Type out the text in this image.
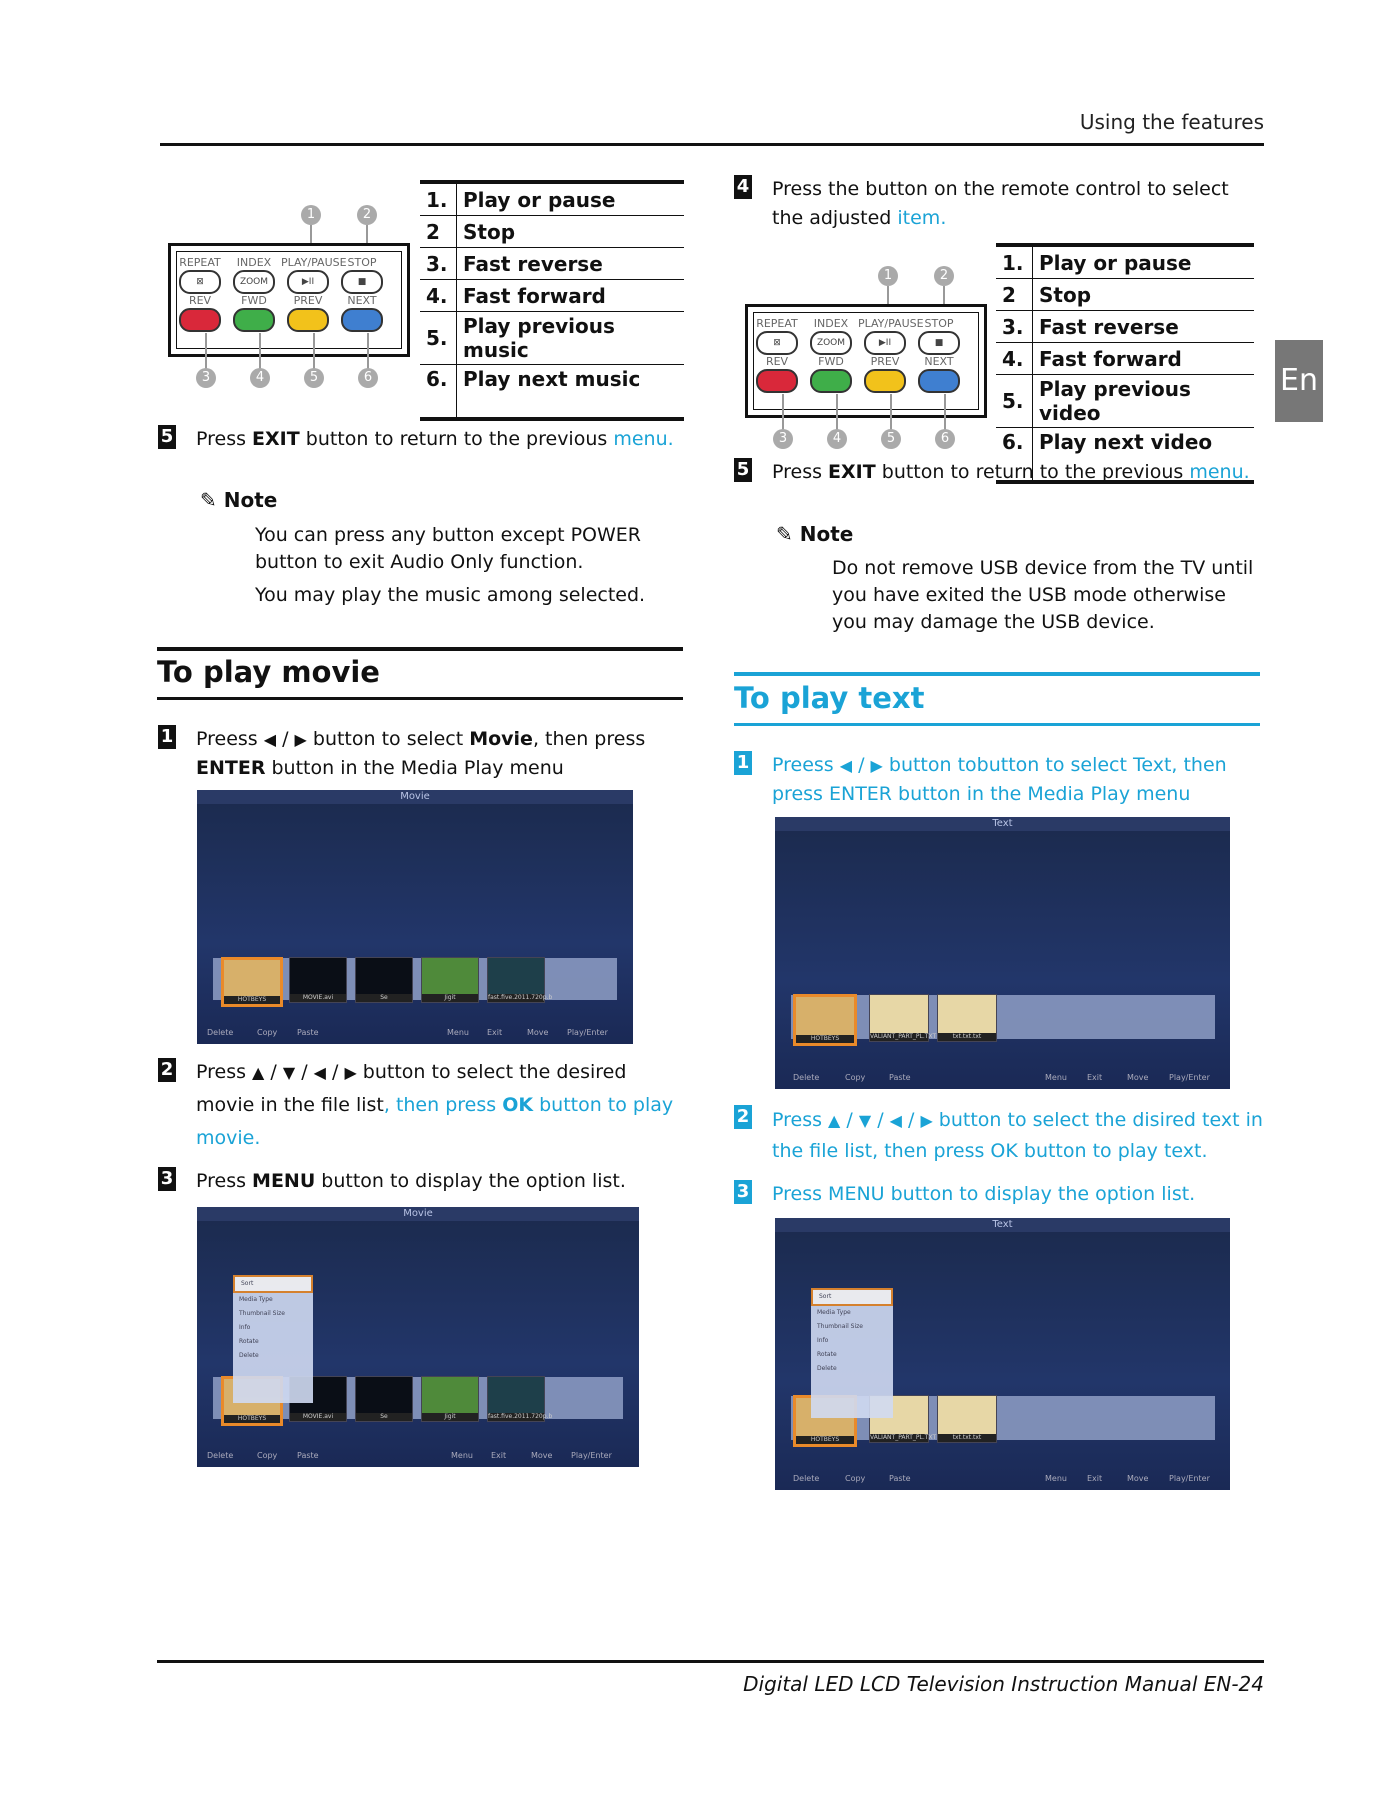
Using the features
En
1	2
REPEAT	INDEX PLAY/PAUSE STOP
⊠	ZOOM	▶II	■
REV	FWD	PREV	NEXT
3	4	5	6
1.	Play or pause
2	Stop
3.	Fast reverse
4.	Fast forward
5.	Play previous music
6.	Play next music
5 Press EXIT button to return to the previous menu.
✎ Note
You can press any button except POWER button to exit Audio Only function.
You may play the music among selected.
To play movie
1 Preess ◀ / ▶ button to select Movie, then press
ENTER button in the Media Play menu
Movie
HOTBEYS	MOVIE.avi	Se	Jigit	fast.five.2011.720p.b
Delete	Copy Paste	Menu Exit	Move Play/Enter
2 Press ▲ / ▼ / ◀ / ▶ button to select the desired movie in the file list, then press OK button to play movie.
3 Press MENU button to display the option list.
Movie
HOTBEYS	MOVIE.avi	Se	Jigit	fast.five.2011.720p.b
Sort
Media Type
Thumbnail Size
Info
Rotate
Delete
Delete	Copy Paste	Menu Exit	Move Play/Enter
4 Press the button on the remote control to select the adjusted item.
1	2
REPEAT	INDEX PLAY/PAUSE STOP
⊠	ZOOM	▶II	■
REV	FWD	PREV	NEXT
3	4	5	6
1.	Play or pause
2	Stop
3.	Fast reverse
4.	Fast forward
5.	Play previous video
6.	Play next video
5 Press EXIT button to return to the previous menu.
✎ Note
Do not remove USB device from the TV until you have exited the USB mode otherwise you may damage the USB device.
To play text
1 Preess ◀ / ▶ button tobutton to select Text, then press ENTER button in the Media Play menu
Text
HOTBEYS	VALIANT_PART_PL.TXT	txt.txt.txt
Delete	Copy	Paste	Menu	Exit	Move	Play/Enter
2 Press ▲ / ▼ / ◀ / ▶ button to select the disired text in the file list, then press OK button to play text.
3 Press MENU button to display the option list.
Text
HOTBEYS	VALIANT_PART_PL.TXT	txt.txt.txt
Sort
Media Type
Thumbnail Size
Info
Rotate
Delete
Delete	Copy	Paste	Menu	Exit	Move	Play/Enter
Digital LED LCD Television Instruction Manual EN-24
